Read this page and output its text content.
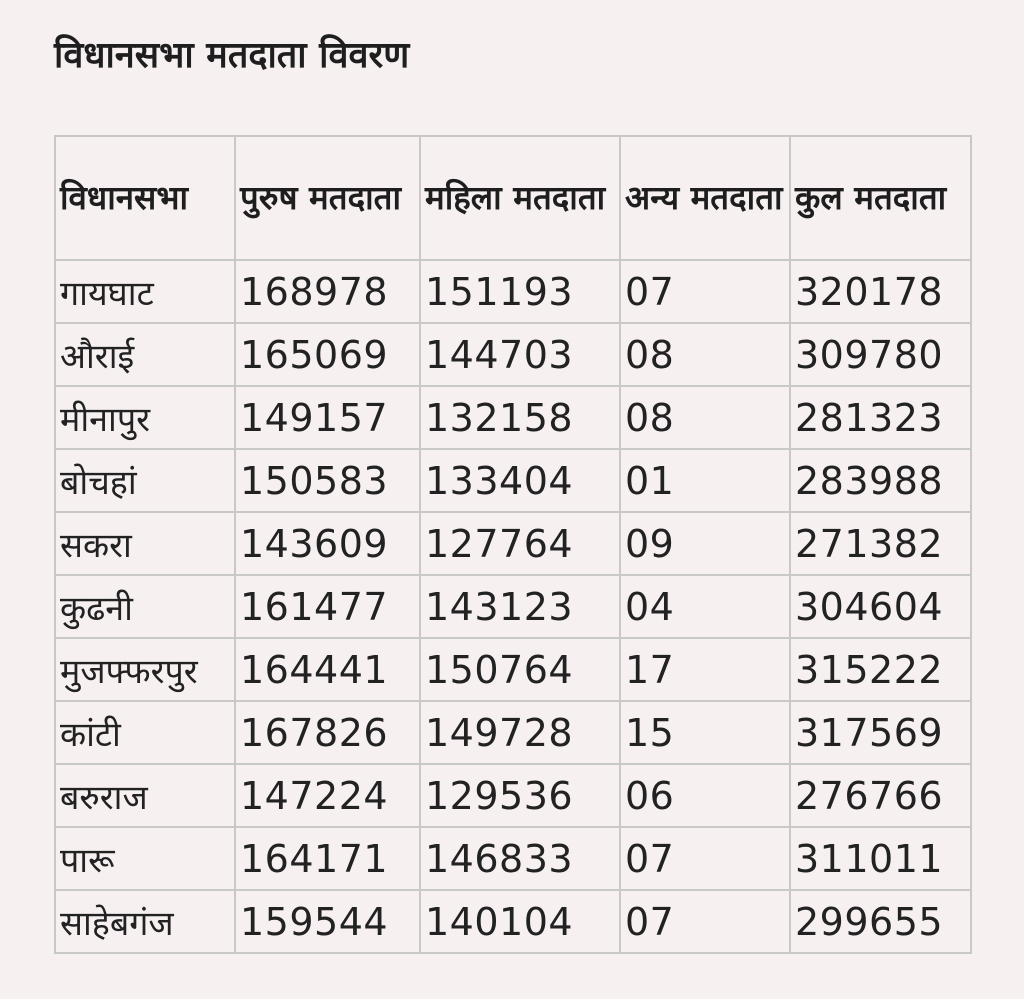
विधानसभा मतदाता विवरण
विधानसभा	पुरुष मतदाता	महिला मतदाता	अन्य मतदाता	कुल मतदाता
गायघाट	168978	151193	07	320178
औराई	165069	144703	08	309780
मीनापुर	149157	132158	08	281323
बोचहां	150583	133404	01	283988
सकरा	143609	127764	09	271382
कुढनी	161477	143123	04	304604
मुजफ्फरपुर	164441	150764	17	315222
कांटी	167826	149728	15	317569
बरुराज	147224	129536	06	276766
पारू	164171	146833	07	311011
साहेबगंज	159544	140104	07	299655
